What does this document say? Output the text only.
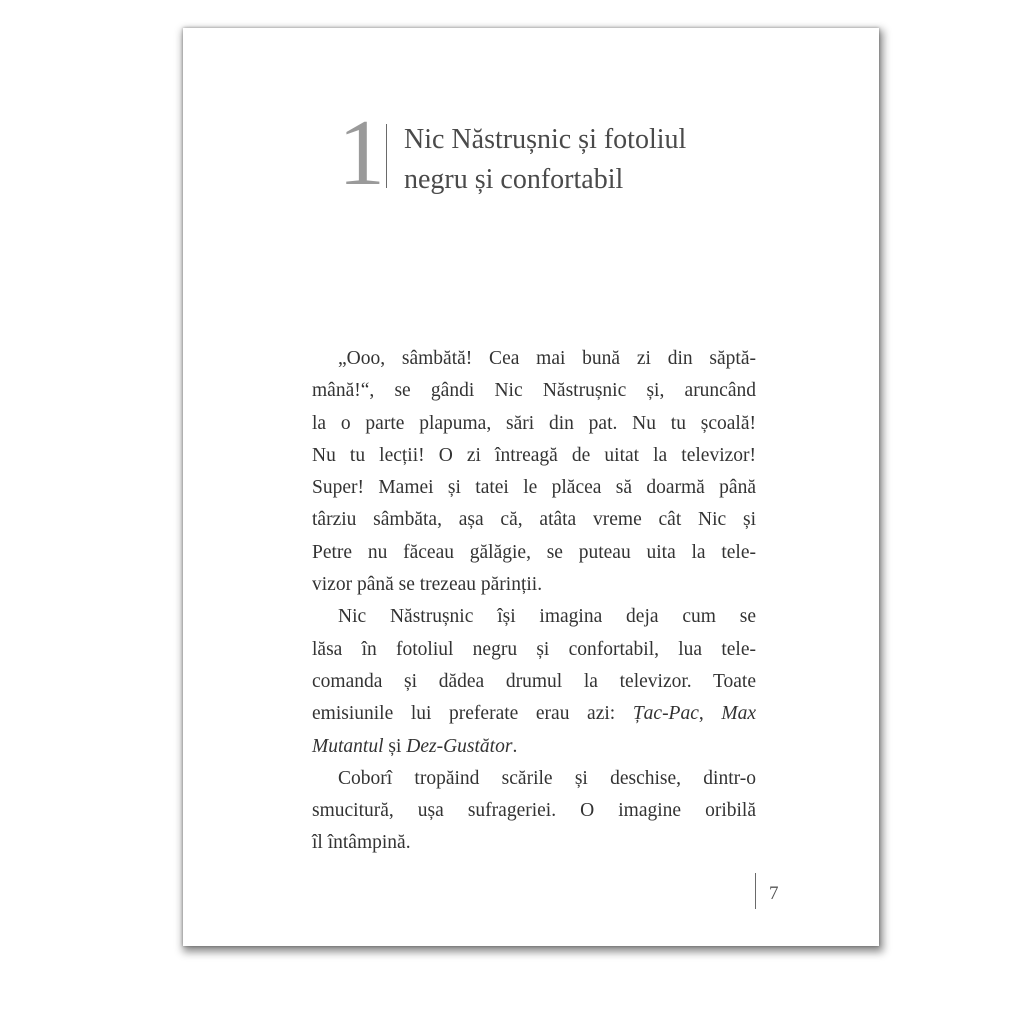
1 Nic Năstrușnic și fotoliul
negru și confortabil
„Ooo, sâmbătă! Cea mai bună zi din săptă-
mână!“, se gândi Nic Năstrușnic și, aruncând
la o parte plapuma, sări din pat. Nu tu școală!
Nu tu lecții! O zi întreagă de uitat la televizor!
Super! Mamei și tatei le plăcea să doarmă până
târziu sâmbăta, așa că, atâta vreme cât Nic și
Petre nu făceau gălăgie, se puteau uita la tele-
vizor până se trezeau părinții.
Nic Năstrușnic își imagina deja cum se
lăsa în fotoliul negru și confortabil, lua tele-
comanda și dădea drumul la televizor. Toate
emisiunile lui preferate erau azi: Țac-Pac, Max
Mutantul și Dez-Gustător.
Coborî tropăind scările și deschise, dintr-o
smucitură, ușa sufrageriei. O imagine oribilă
îl întâmpină.
7
